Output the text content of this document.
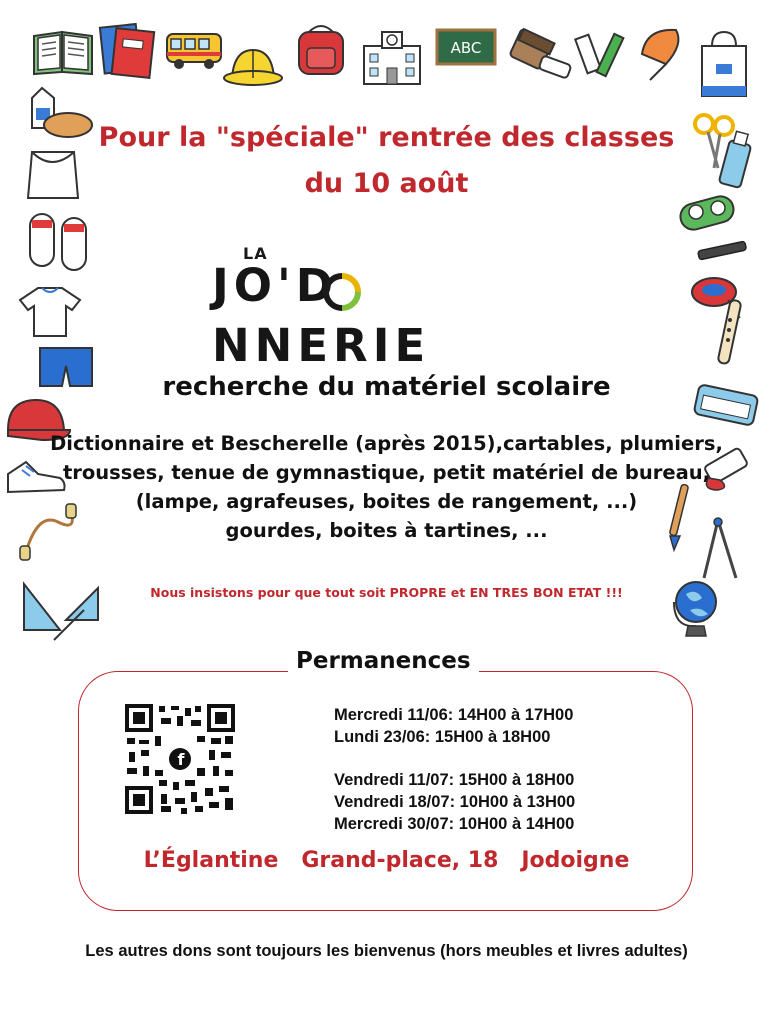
ABC
Pour la "spéciale" rentrée des classes
du 10 août
LA
JO'DNNERIE
recherche du matériel scolaire
Dictionnaire et Bescherelle (après 2015),cartables, plumiers,
trousses, tenue de gymnastique, petit matériel de bureau,
(lampe, agrafeuses, boites de rangement, ...)
gourdes, boites à tartines, ...
Nous insistons pour que tout soit PROPRE et EN TRES BON ETAT !!!
Permanences
f
Mercredi 11/06: 14H00 à 17H00
Lundi 23/06: 15H00 à 18H00
Vendredi 11/07: 15H00 à 18H00
Vendredi 18/07: 10H00 à 13H00
Mercredi 30/07: 10H00 à 14H00
L’Églantine   Grand-place, 18   Jodoigne
Les autres dons sont toujours les bienvenus (hors meubles et livres adultes)
